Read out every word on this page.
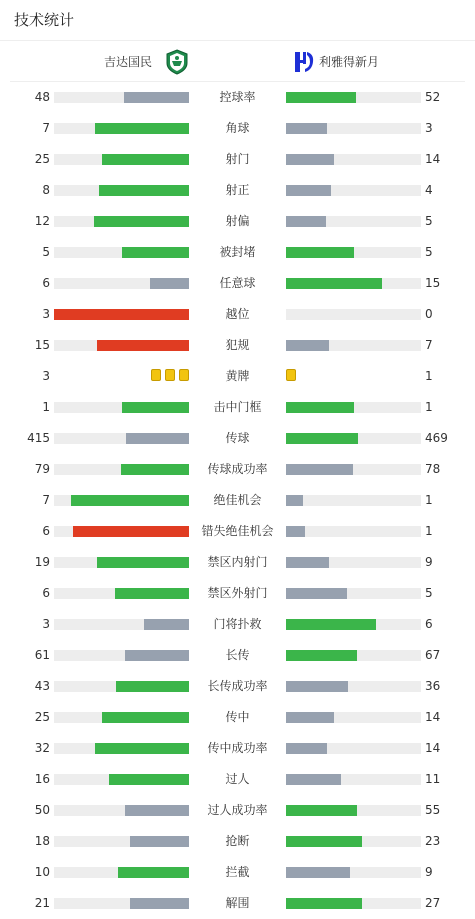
技术统计
吉达国民	利雅得新月
48	控球率	52
7	角球	3
25	射门	14
8	射正	4
12	射偏	5
5	被封堵	5
6	任意球	15
3	越位	0
15	犯规	7
3	黄牌	1
1	击中门框	1
415	传球	469
79	传球成功率	78
7	绝佳机会	1
6	错失绝佳机会	1
19	禁区内射门	9
6	禁区外射门	5
3	门将扑救	6
61	长传	67
43	长传成功率	36
25	传中	14
32	传中成功率	14
16	过人	11
50	过人成功率	55
18	抢断	23
10	拦截	9
21	解围	27
